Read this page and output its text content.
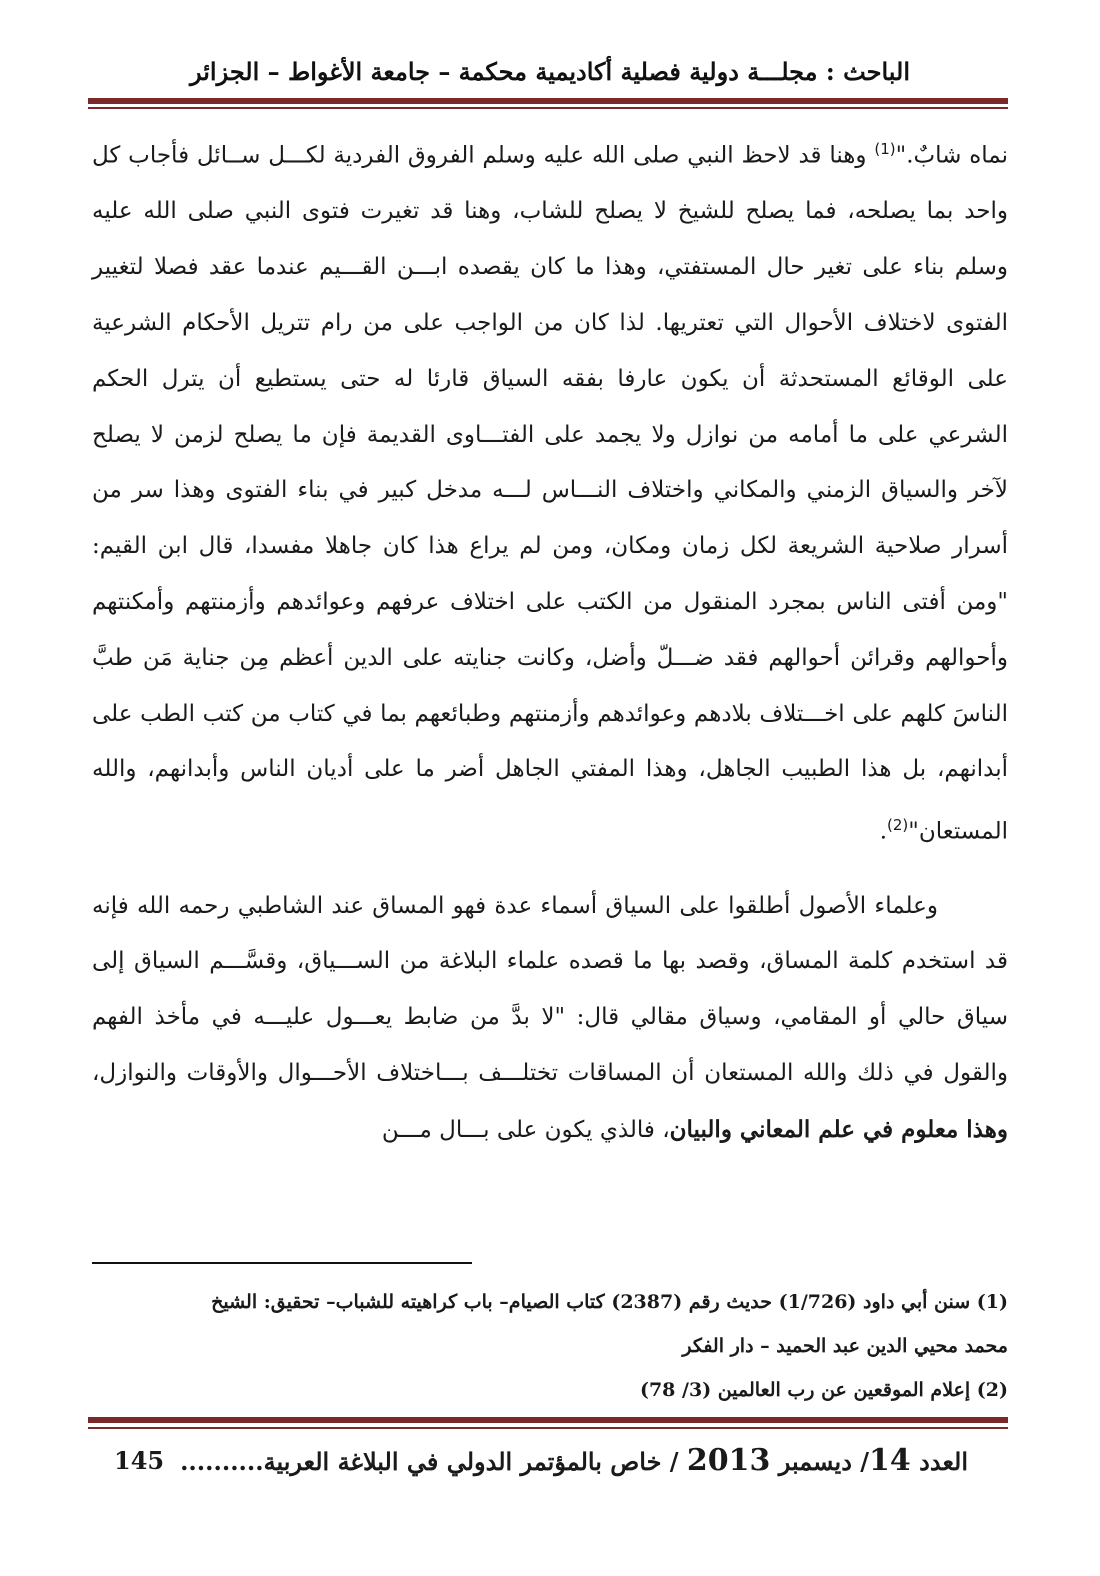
الباحث : مجلـــة دولية فصلية أكاديمية محكمة – جامعة الأغواط – الجزائر

نماه شابٌ."$^{(1)}$ وهنا قد لاحظ النبي صلى الله عليه وسلم الفروق الفردية لكـــل ســائل فأجاب كل واحد بما يصلحه، فما يصلح للشيخ لا يصلح للشاب، وهنا قد تغيرت فتوى النبي صلى الله عليه وسلم بناء على تغير حال المستفتي، وهذا ما كان يقصده ابـــن القـــيم عندما عقد فصلا لتغيير الفتوى لاختلاف الأحوال التي تعتريها. لذا كان من الواجب على من رام تتريل الأحكام الشرعية على الوقائع المستحدثة أن يكون عارفا بفقه السياق قارئا له حتى يستطيع أن يترل الحكم الشرعي على ما أمامه من نوازل ولا يجمد على الفتـــاوى القديمة فإن ما يصلح لزمن لا يصلح لآخر والسياق الزمني والمكاني واختلاف النـــاس لـــه مدخل كبير في بناء الفتوى وهذا سر من أسرار صلاحية الشريعة لكل زمان ومكان، ومن لم يراع هذا كان جاهلا مفسدا، قال ابن القيم: "ومن أفتى الناس بمجرد المنقول من الكتب على اختلاف عرفهم وعوائدهم وأزمنتهم وأمكنتهم وأحوالهم وقرائن أحوالهم فقد ضـــلّ وأضل، وكانت جنايته على الدين أعظم مِن جناية مَن طبَّ الناسَ كلهم على اخـــتلاف بلادهم وعوائدهم وأزمنتهم وطبائعهم بما في كتاب من كتب الطب على أبدانهم، بل هذا الطبيب الجاهل، وهذا المفتي الجاهل أضر ما على أديان الناس وأبدانهم، والله المستعان"$^{(2)}$.

وعلماء الأصول أطلقوا على السياق أسماء عدة فهو المساق عند الشاطبي رحمه الله فإنه قد استخدم كلمة المساق، وقصد بها ما قصده علماء البلاغة من الســـياق، وقسَّـــم السياق إلى سياق حالي أو المقامي، وسياق مقالي قال: "لا بدَّ من ضابط يعـــول عليـــه في مأخذ الفهم والقول في ذلك والله المستعان أن المساقات تختلـــف بـــاختلاف الأحـــوال والأوقات والنوازل، وهذا معلوم في علم المعاني والبيان، فالذي يكون على بـــال مـــن

(1) سنن أبي داود (1/726) حديث رقم (2387) كتاب الصيام– باب كراهيته للشباب– تحقيق: الشيخ

محمد محيي الدين عبد الحميد – دار الفكر

(2) إعلام الموقعين عن رب العالمين (3/ 78)

العدد 14/ ديسمبر 2013 / خاص بالمؤتمر الدولي في البلاغة العربية..........
145
